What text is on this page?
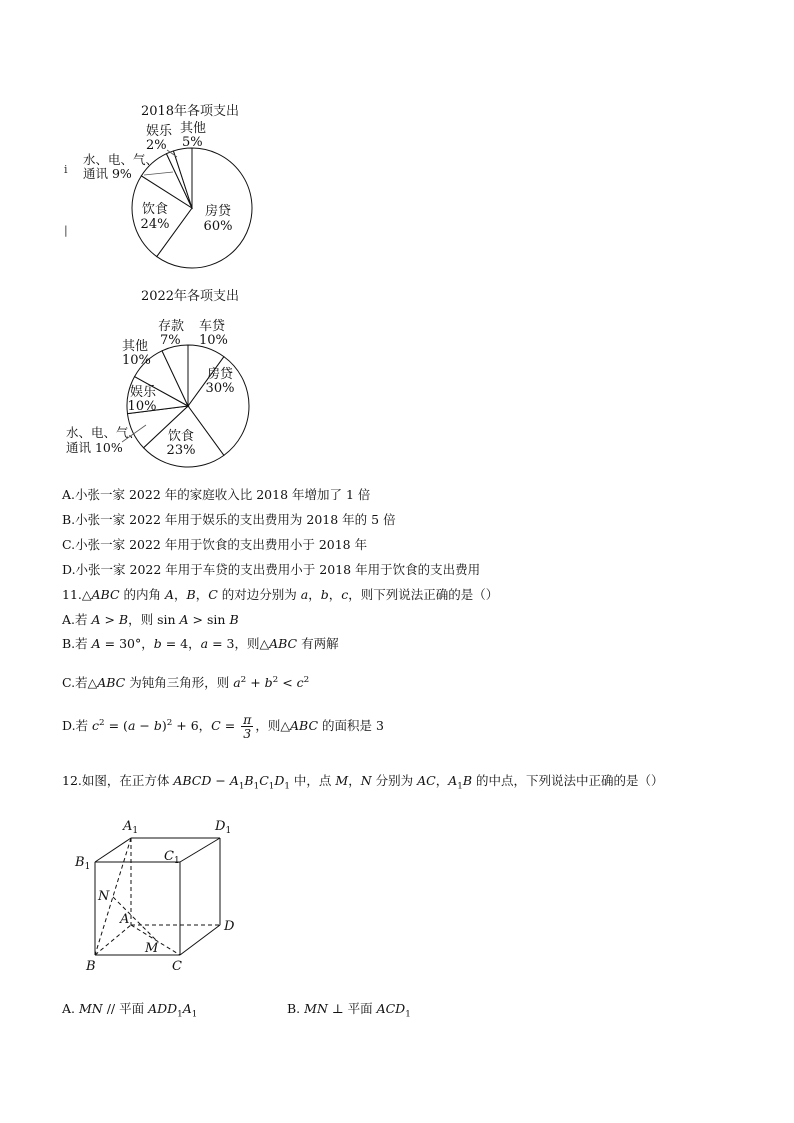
i
|
2018年各项支出
房贷
60%
饮食
24%
水、电、气、
通讯 9%
娱乐
2%
其他
5%
2022年各项支出
房贷
30%
饮食
23%
娱乐
10%
水、电、气、
通讯 10%
其他
10%
存款
7%
车贷
10%
A.小张一家 2022 年的家庭收入比 2018 年增加了 1 倍
B.小张一家 2022 年用于娱乐的支出费用为 2018 年的 5 倍
C.小张一家 2022 年用于饮食的支出费用小于 2018 年
D.小张一家 2022 年用于车贷的支出费用小于 2018 年用于饮食的支出费用
11.△ABC 的内角 A，B，C 的对边分别为 a，b，c，则下列说法正确的是（）
A.若 A > B，则 sin A > sin B
B.若 A = 30°，b = 4，a = 3，则△ABC 有两解
C.若△ABC 为钝角三角形，则 $a^2 + b^2 < c^2$
D.若 $c^2 = (a - b)^2 + 6$，$C = \frac{\pi}{3}$ ，则△ABC 的面积是 3
12.如图，在正方体 ABCD − $A_1B_1C_1D_1$ 中，点 M，N 分别为 AC，$A_1B$ 的中点，下列说法中正确的是（）
$A_1$	$D_1$
$B_1$
$C_1$
N
A	D
M
B	C
A. MN // 平面 $ADD_1A_1$	B. MN ⊥ 平面 $ACD_1$
